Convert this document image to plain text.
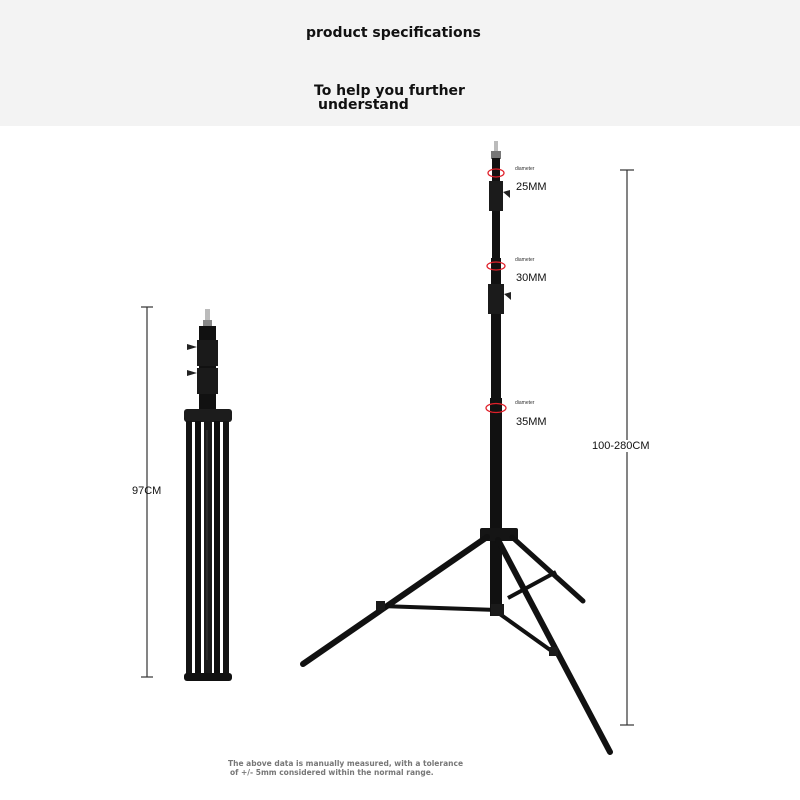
product specifications
To help you further
understand
97CM
100-280CM
diameter
25MM
diameter
30MM
diameter
35MM
The above data is manually measured, with a tolerance
of +/- 5mm considered within the normal range.
